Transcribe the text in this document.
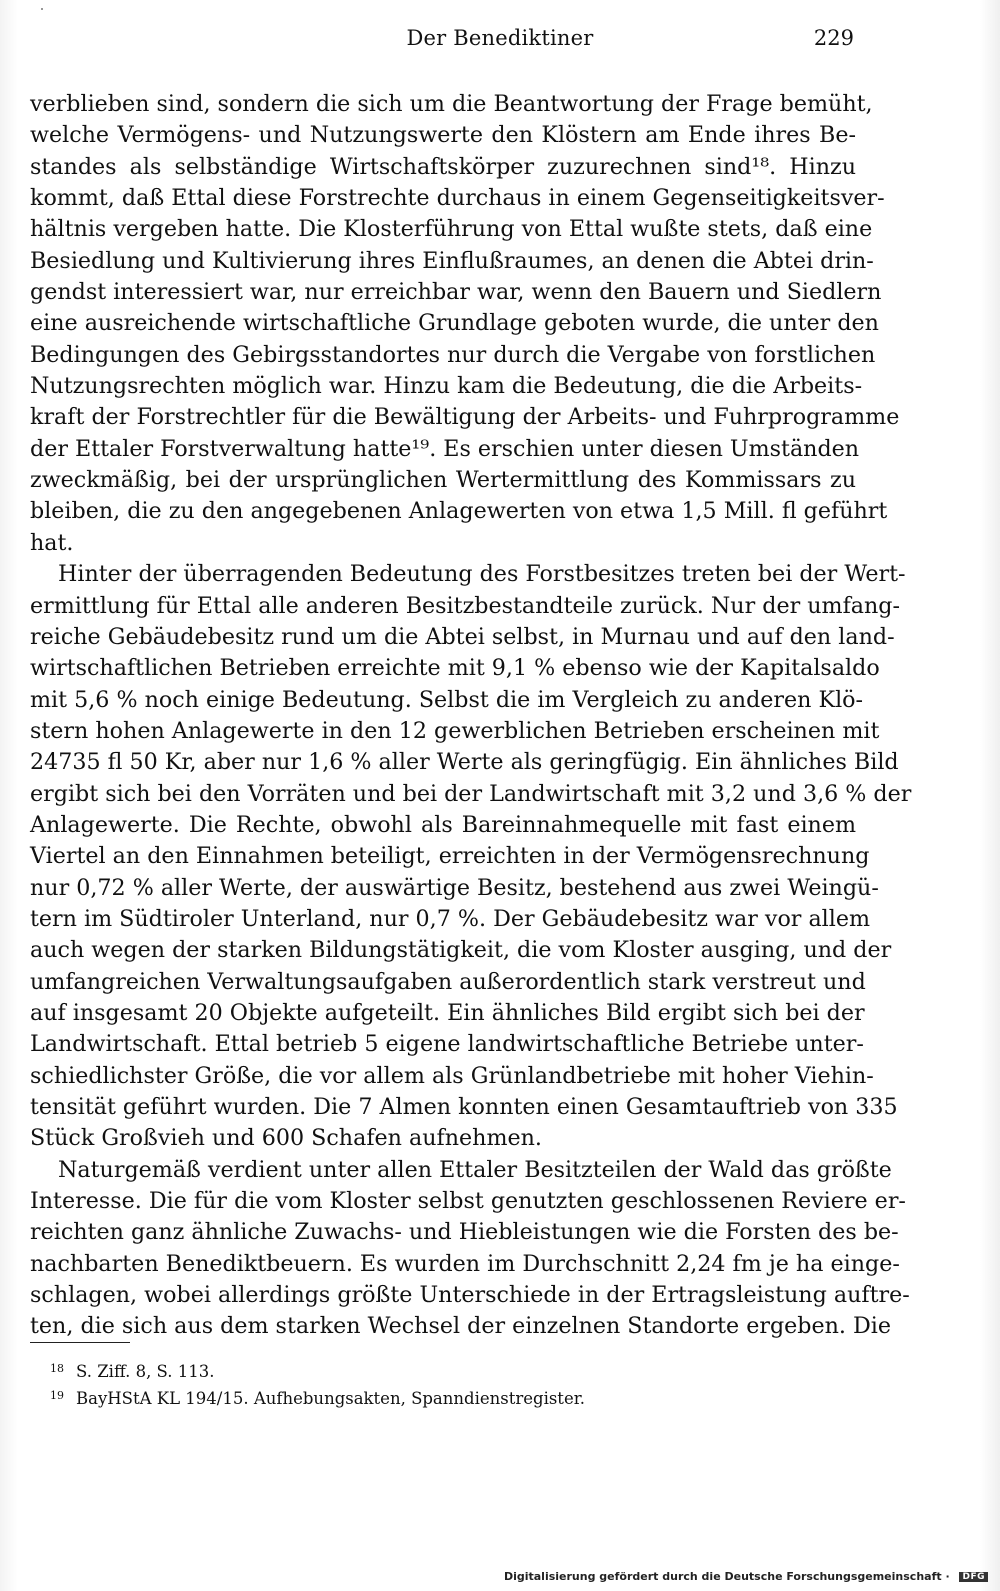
Der Benediktiner	229
verblieben sind, sondern die sich um die Beantwortung der Frage bemüht,
welche Vermögens- und Nutzungswerte den Klöstern am Ende ihres Be-
standes als selbständige Wirtschaftskörper zuzurechnen sind¹⁸. Hinzu
kommt, daß Ettal diese Forstrechte durchaus in einem Gegenseitigkeitsver-
hältnis vergeben hatte. Die Klosterführung von Ettal wußte stets, daß eine
Besiedlung und Kultivierung ihres Einflußraumes, an denen die Abtei drin-
gendst interessiert war, nur erreichbar war, wenn den Bauern und Siedlern
eine ausreichende wirtschaftliche Grundlage geboten wurde, die unter den
Bedingungen des Gebirgsstandortes nur durch die Vergabe von forstlichen
Nutzungsrechten möglich war. Hinzu kam die Bedeutung, die die Arbeits-
kraft der Forstrechtler für die Bewältigung der Arbeits- und Fuhrprogramme
der Ettaler Forstverwaltung hatte¹⁹. Es erschien unter diesen Umständen
zweckmäßig, bei der ursprünglichen Wertermittlung des Kommissars zu
bleiben, die zu den angegebenen Anlagewerten von etwa 1,5 Mill. fl geführt
hat.
Hinter der überragenden Bedeutung des Forstbesitzes treten bei der Wert-
ermittlung für Ettal alle anderen Besitzbestandteile zurück. Nur der umfang-
reiche Gebäudebesitz rund um die Abtei selbst, in Murnau und auf den land-
wirtschaftlichen Betrieben erreichte mit 9,1 % ebenso wie der Kapitalsaldo
mit 5,6 % noch einige Bedeutung. Selbst die im Vergleich zu anderen Klö-
stern hohen Anlagewerte in den 12 gewerblichen Betrieben erscheinen mit
24735 fl 50 Kr, aber nur 1,6 % aller Werte als geringfügig. Ein ähnliches Bild
ergibt sich bei den Vorräten und bei der Landwirtschaft mit 3,2 und 3,6 % der
Anlagewerte. Die Rechte, obwohl als Bareinnahmequelle mit fast einem
Viertel an den Einnahmen beteiligt, erreichten in der Vermögensrechnung
nur 0,72 % aller Werte, der auswärtige Besitz, bestehend aus zwei Weingü-
tern im Südtiroler Unterland, nur 0,7 %. Der Gebäudebesitz war vor allem
auch wegen der starken Bildungstätigkeit, die vom Kloster ausging, und der
umfangreichen Verwaltungsaufgaben außerordentlich stark verstreut und
auf insgesamt 20 Objekte aufgeteilt. Ein ähnliches Bild ergibt sich bei der
Landwirtschaft. Ettal betrieb 5 eigene landwirtschaftliche Betriebe unter-
schiedlichster Größe, die vor allem als Grünlandbetriebe mit hoher Viehin-
tensität geführt wurden. Die 7 Almen konnten einen Gesamtauftrieb von 335
Stück Großvieh und 600 Schafen aufnehmen.
Naturgemäß verdient unter allen Ettaler Besitzteilen der Wald das größte
Interesse. Die für die vom Kloster selbst genutzten geschlossenen Reviere er-
reichten ganz ähnliche Zuwachs- und Hiebleistungen wie die Forsten des be-
nachbarten Benediktbeuern. Es wurden im Durchschnitt 2,24 fm je ha einge-
schlagen, wobei allerdings größte Unterschiede in der Ertragsleistung auftre-
ten, die sich aus dem starken Wechsel der einzelnen Standorte ergeben. Die
18 S. Ziff. 8, S. 113.
19 BayHStA KL 194/15. Aufhebungsakten, Spanndienstregister.
Digitalisierung gefördert durch die Deutsche Forschungsgemeinschaft · DFG
